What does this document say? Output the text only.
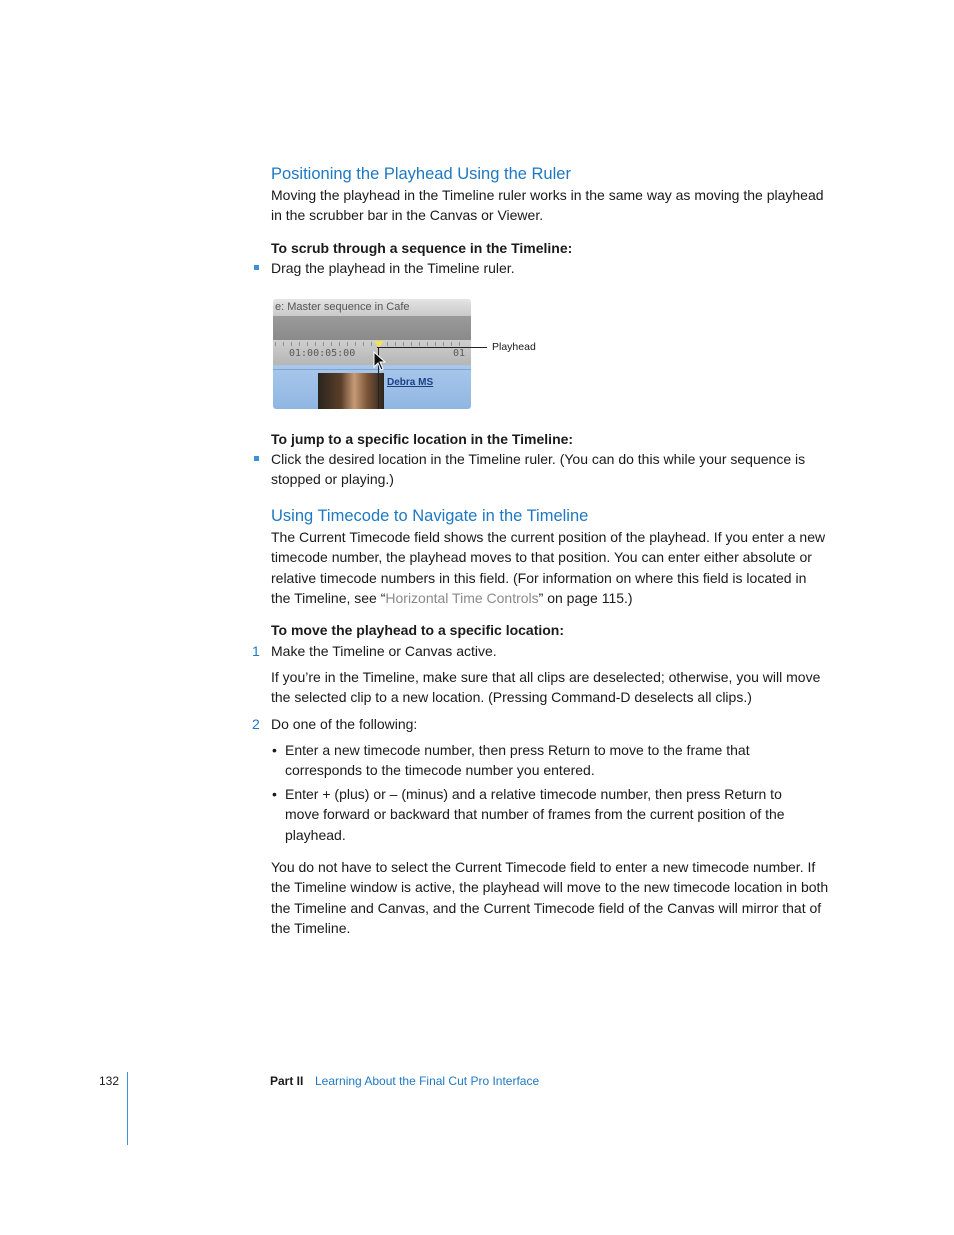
Positioning the Playhead Using the Ruler

Moving the playhead in the Timeline ruler works in the same way as moving the playhead in the scrubber bar in the Canvas or Viewer.

To scrub through a sequence in the Timeline:

Drag the playhead in the Timeline ruler.

e: Master sequence in Cafe
01:00:05:00	01
Debra MS
Playhead

To jump to a specific location in the Timeline:

Click the desired location in the Timeline ruler. (You can do this while your sequence is stopped or playing.)

Using Timecode to Navigate in the Timeline

The Current Timecode field shows the current position of the playhead. If you enter a new timecode number, the playhead moves to that position. You can enter either absolute or relative timecode numbers in this field. (For information on where this field is located in the Timeline, see “Horizontal Time Controls” on page 115.)

To move the playhead to a specific location:

1 Make the Timeline or Canvas active.

If you’re in the Timeline, make sure that all clips are deselected; otherwise, you will move the selected clip to a new location. (Pressing Command-D deselects all clips.)

2 Do one of the following:

• Enter a new timecode number, then press Return to move to the frame that corresponds to the timecode number you entered.

• Enter + (plus) or – (minus) and a relative timecode number, then press Return to move forward or backward that number of frames from the current position of the playhead.

You do not have to select the Current Timecode field to enter a new timecode number. If the Timeline window is active, the playhead will move to the new timecode location in both the Timeline and Canvas, and the Current Timecode field of the Canvas will mirror that of the Timeline.

132	Part II Learning About the Final Cut Pro Interface
